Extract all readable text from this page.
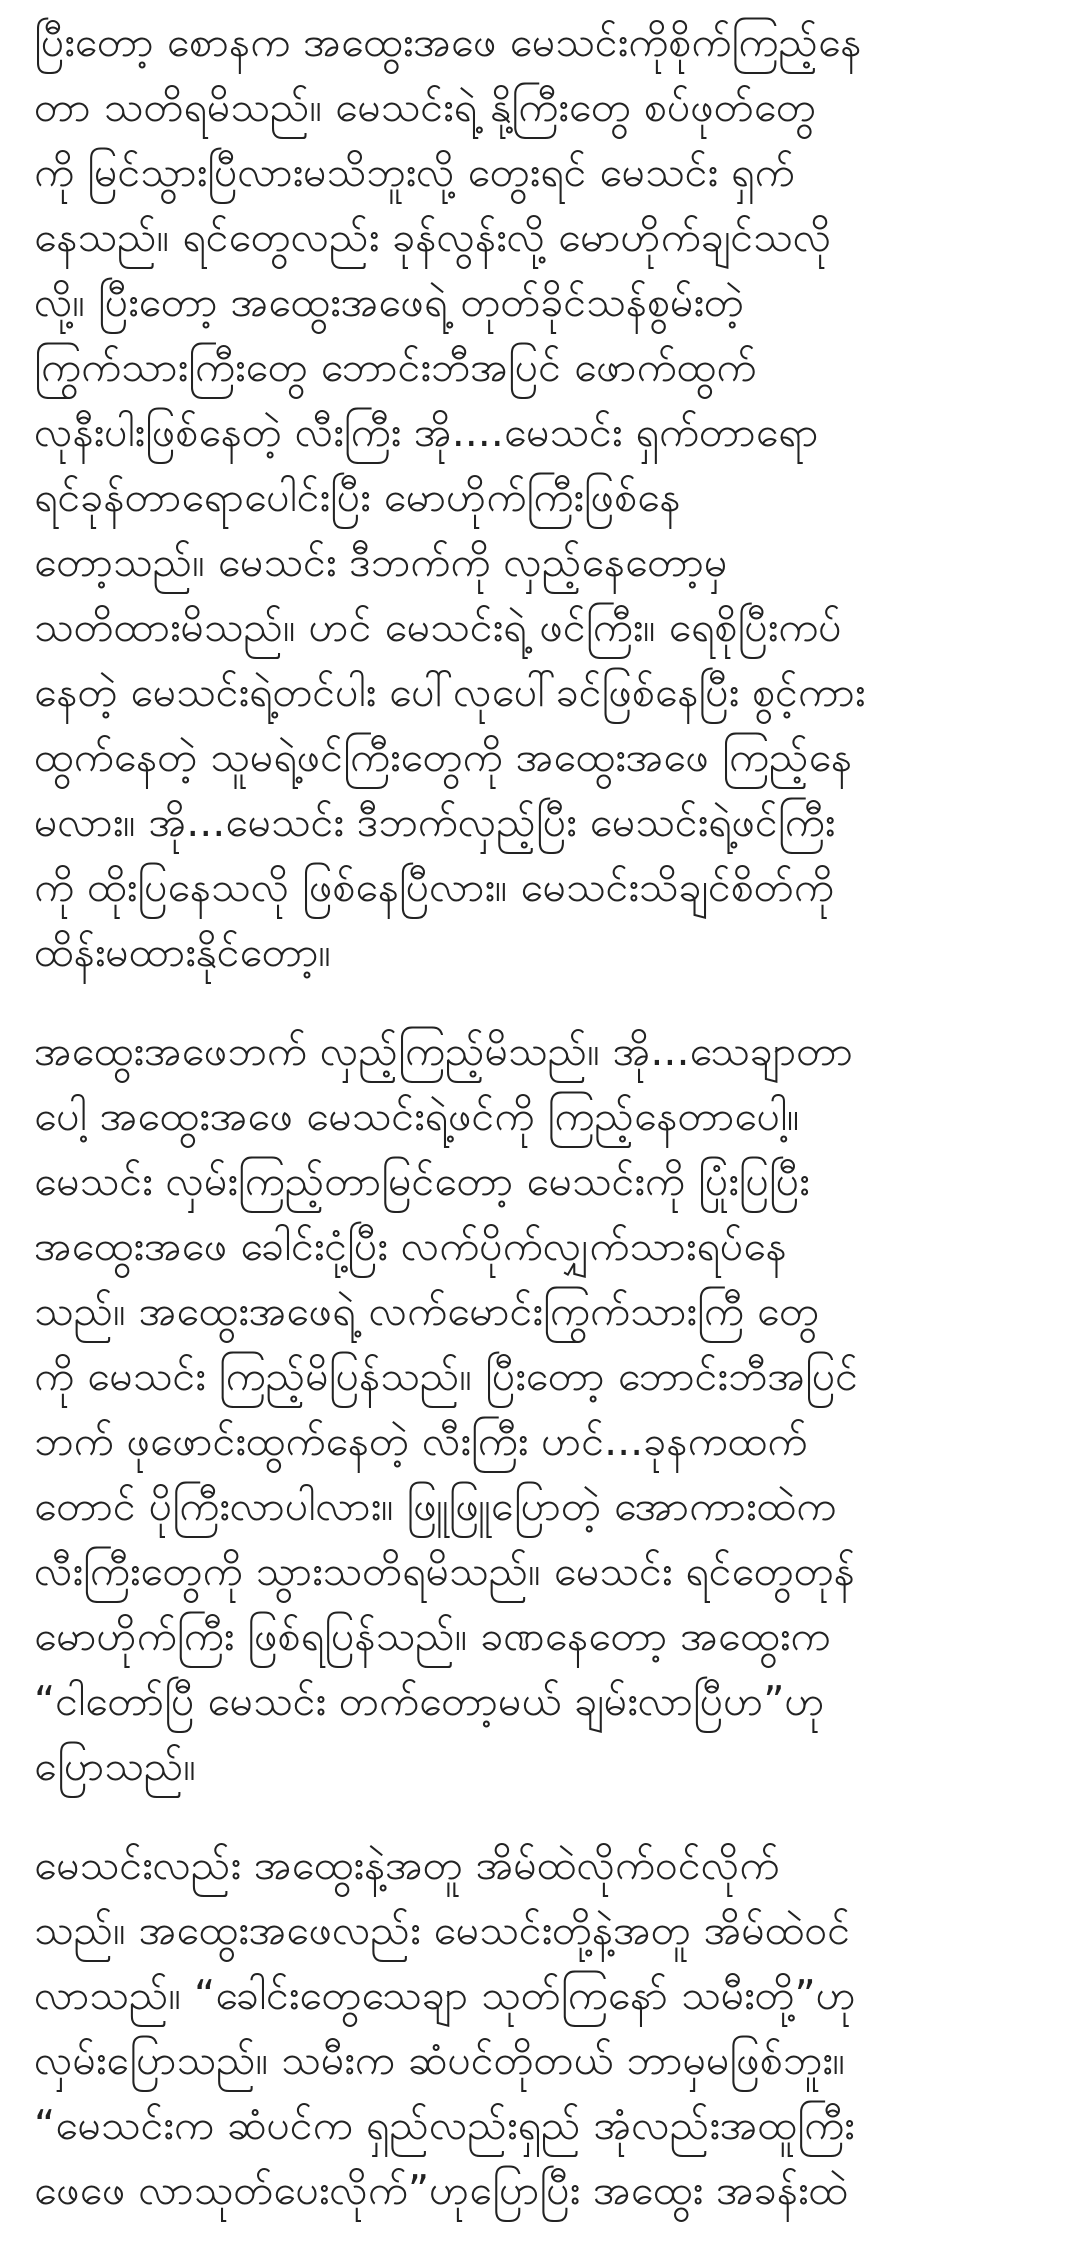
ပြီးတော့ စောနက အထွေးအဖေ မေသင်းကိုစိုက်ကြည့်နေ
တာ သတိရမိသည်။ မေသင်းရဲ့ နို့ကြီးတွေ စပ်ဖုတ်တွေ
ကို မြင်သွားပြီလားမသိဘူးလို့ တွေးရင် မေသင်း ရှက်
နေသည်။ ရင်တွေလည်း ခုန်လွန်းလို့ မောဟိုက်ချင်သလို
လို့။ ပြီးတော့ အထွေးအဖေရဲ့ တုတ်ခိုင်သန်စွမ်းတဲ့
ကြွက်သားကြီးတွေ ဘောင်းဘီအပြင် ဖောက်ထွက်
လုနီးပါးဖြစ်နေတဲ့ လီးကြီး အို....မေသင်း ရှက်တာရော
ရင်ခုန်တာရောပေါင်းပြီး မောဟိုက်ကြီးဖြစ်နေ
တော့သည်။ မေသင်း ဒီဘက်ကို လှည့်နေတော့မှ
သတိထားမိသည်။ ဟင် မေသင်းရဲ့ ဖင်ကြီး။ ရေစိုပြီးကပ်
နေတဲ့ မေသင်းရဲ့တင်ပါး ပေါ်လုပေါ်ခင်ဖြစ်နေပြီး စွင့်ကား
ထွက်နေတဲ့ သူမရဲ့ဖင်ကြီးတွေကို အထွေးအဖေ ကြည့်နေ
မလား။ အို...မေသင်း ဒီဘက်လှည့်ပြီး မေသင်းရဲ့ဖင်ကြီး
ကို ထိုးပြနေသလို ဖြစ်နေပြီလား။ မေသင်းသိချင်စိတ်ကို
ထိန်းမထားနိုင်တော့။
အထွေးအဖေဘက် လှည့်ကြည့်မိသည်။ အို...သေချာတာ
ပေါ့ အထွေးအဖေ မေသင်းရဲ့ဖင်ကို ကြည့်နေတာပေါ့။
မေသင်း လှမ်းကြည့်တာမြင်တော့ မေသင်းကို ပြုံးပြပြီး
အထွေးအဖေ ခေါင်းငုံ့ပြီး လက်ပိုက်လျှက်သားရပ်နေ
သည်။ အထွေးအဖေရဲ့ လက်မောင်းကြွက်သားကြီ တွေ
ကို မေသင်း ကြည့်မိပြန်သည်။ ပြီးတော့ ဘောင်းဘီအပြင်
ဘက် ဖုဖောင်းထွက်နေတဲ့ လီးကြီး ဟင်...ခုနကထက်
တောင် ပိုကြီးလာပါလား။ ဖြူဖြူပြောတဲ့ အောကားထဲက
လီးကြီးတွေကို သွားသတိရမိသည်။ မေသင်း ရင်တွေတုန်
မောဟိုက်ကြီး ဖြစ်ရပြန်သည်။ ခဏနေတော့ အထွေးက
“ငါတော်ပြီ မေသင်း တက်တော့မယ် ချမ်းလာပြီဟ”ဟု
ပြောသည်။
မေသင်းလည်း အထွေးနဲ့အတူ အိမ်ထဲလိုက်ဝင်လိုက်
သည်။ အထွေးအဖေလည်း မေသင်းတို့နဲ့အတူ အိမ်ထဲဝင်
လာသည်။ “ခေါင်းတွေသေချာ သုတ်ကြနော် သမီးတို့”ဟု
လှမ်းပြောသည်။ သမီးက ဆံပင်တိုတယ် ဘာမှမဖြစ်ဘူး။
“မေသင်းက ဆံပင်က ရှည်လည်းရှည် အုံလည်းအထူကြီး
ဖေဖေ လာသုတ်ပေးလိုက်”ဟုပြောပြီး အထွေး အခန်းထဲ
